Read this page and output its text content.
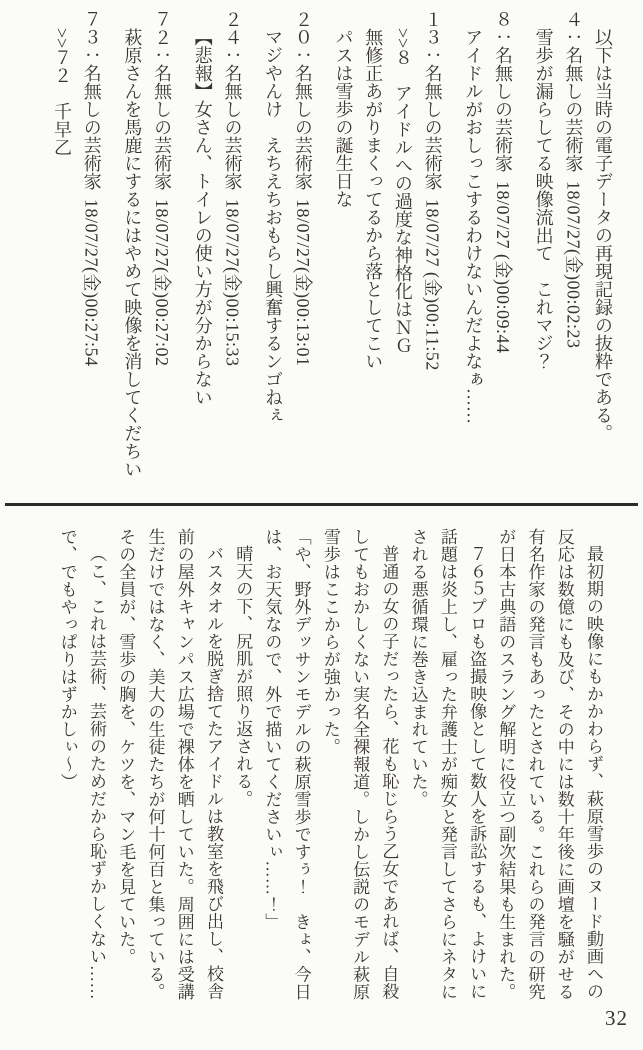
以下は当時の電子データの再現記録の抜粋である。

４：名無しの芸術家18/07/27(金)00:02:23

雪歩が漏らしてる映像流出て　これマジ？

８：名無しの芸術家18/07/27 (金)00:09:44

アイドルがおしっこするわけないんだよなぁ……

１３：名無しの芸術家18/07/27 (金)00:11:52

>>８　アイドルへの過度な神格化はＮＧ

無修正あがりまくってるから落としてこい

パスは雪歩の誕生日な

２０：名無しの芸術家18/07/27(金)00:13:01

マジやんけ　えちえちおもらし興奮するンゴねぇ

２４：名無しの芸術家18/07/27(金)00:15:33

【悲報】女さん、トイレの使い方が分からない

７２：名無しの芸術家18/07/27(金)00:27:02

萩原さんを馬鹿にするにはやめて映像を消してくだちい

７３：名無しの芸術家18/07/27(金)00:27:54

>>７２　千早乙

最初期の映像にもかかわらず、萩原雪歩のヌード動画への反応は数億にも及び、その中には数十年後に画壇を騒がせる有名作家の発言もあったとされている。これらの発言の研究が日本古典語のスラング解明に役立つ副次結果も生まれた。

７６５プロも盗撮映像として数人を訴訟するも、よけいに話題は炎上し、雇った弁護士が痴女と発言してさらにネタにされる悪循環に巻き込まれていた。

普通の女の子だったら、花も恥じらう乙女であれば、自殺してもおかしくない実名全裸報道。しかし伝説のモデル萩原雪歩はここからが強かった。

「や、野外デッサンモデルの萩原雪歩ですぅ！　きょ、今日は、お天気なので、外で描いてくださいぃ……！」

晴天の下、尻肌が照り返される。

バスタオルを脱ぎ捨てたアイドルは教室を飛び出し、校舎前の屋外キャンパス広場で裸体を晒していた。周囲には受講生だけではなく、美大の生徒たちが何十何百と集っている。その全員が、雪歩の胸を、ケツを、マン毛を見ていた。

（こ、これは芸術、芸術のためだから恥ずかしくない……で、でもやっぱりはずかしぃ～）

32
